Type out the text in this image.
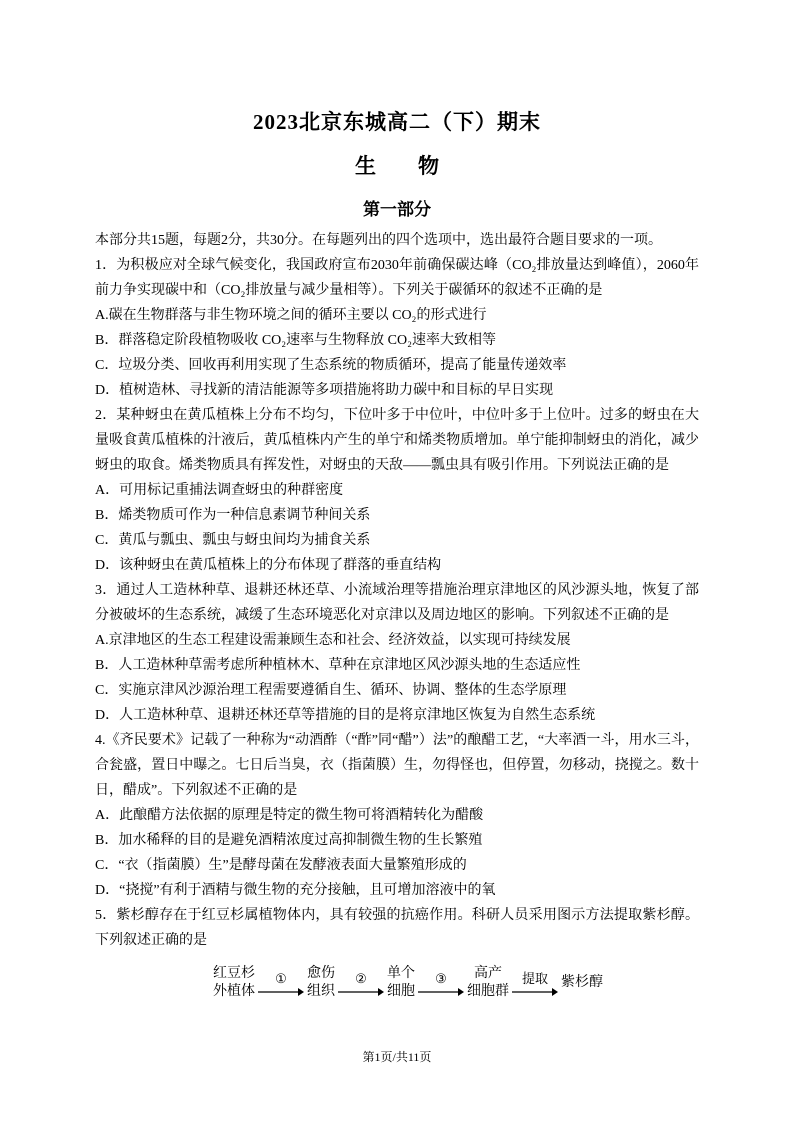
2023北京东城高二（下）期末
生　　物
第一部分

本部分共15题，每题2分，共30分。在每题列出的四个选项中，选出最符合题目要求的一项。

1．为积极应对全球气候变化，我国政府宣布2030年前确保碳达峰（CO₂排放量达到峰值），2060年前力争实现碳中和（CO₂排放量与减少量相等）。下列关于碳循环的叙述不正确的是

A.碳在生物群落与非生物环境之间的循环主要以 CO₂的形式进行

B．群落稳定阶段植物吸收 CO₂速率与生物释放 CO₂速率大致相等

C．垃圾分类、回收再利用实现了生态系统的物质循环，提高了能量传递效率

D．植树造林、寻找新的清洁能源等多项措施将助力碳中和目标的早日实现

2．某种蚜虫在黄瓜植株上分布不均匀，下位叶多于中位叶，中位叶多于上位叶。过多的蚜虫在大量吸食黄瓜植株的汁液后，黄瓜植株内产生的单宁和烯类物质增加。单宁能抑制蚜虫的消化，减少蚜虫的取食。烯类物质具有挥发性，对蚜虫的天敌——瓢虫具有吸引作用。下列说法正确的是

A．可用标记重捕法调查蚜虫的种群密度

B．烯类物质可作为一种信息素调节种间关系

C．黄瓜与瓢虫、瓢虫与蚜虫间均为捕食关系

D．该种蚜虫在黄瓜植株上的分布体现了群落的垂直结构

3．通过人工造林种草、退耕还林还草、小流域治理等措施治理京津地区的风沙源头地，恢复了部分被破坏的生态系统，减缓了生态环境恶化对京津以及周边地区的影响。下列叙述不正确的是

A.京津地区的生态工程建设需兼顾生态和社会、经济效益，以实现可持续发展

B．人工造林种草需考虑所种植林木、草种在京津地区风沙源头地的生态适应性

C．实施京津风沙源治理工程需要遵循自生、循环、协调、整体的生态学原理

D．人工造林种草、退耕还林还草等措施的目的是将京津地区恢复为自然生态系统

4.《齐民要术》记载了一种称为“动酒酢（“酢”同“醋”）法”的酿醋工艺，“大率酒一斗，用水三斗，合瓮盛，置日中曝之。七日后当臭，衣（指菌膜）生，勿得怪也，但停置，勿移动，挠搅之。数十日，醋成”。下列叙述不正确的是

A．此酿醋方法依据的原理是特定的微生物可将酒精转化为醋酸

B．加水稀释的目的是避免酒精浓度过高抑制微生物的生长繁殖

C．“衣（指菌膜）生”是酵母菌在发酵液表面大量繁殖形成的

D．“挠搅”有利于酒精与微生物的充分接触，且可增加溶液中的氧

5．紫杉醇存在于红豆杉属植物体内，具有较强的抗癌作用。科研人员采用图示方法提取紫杉醇。下列叙述正确的是

红豆杉
外植体
① 愈伤
组织
② 单个
细胞
③ 高产
细胞群
提取 紫杉醇
第1页/共11页
